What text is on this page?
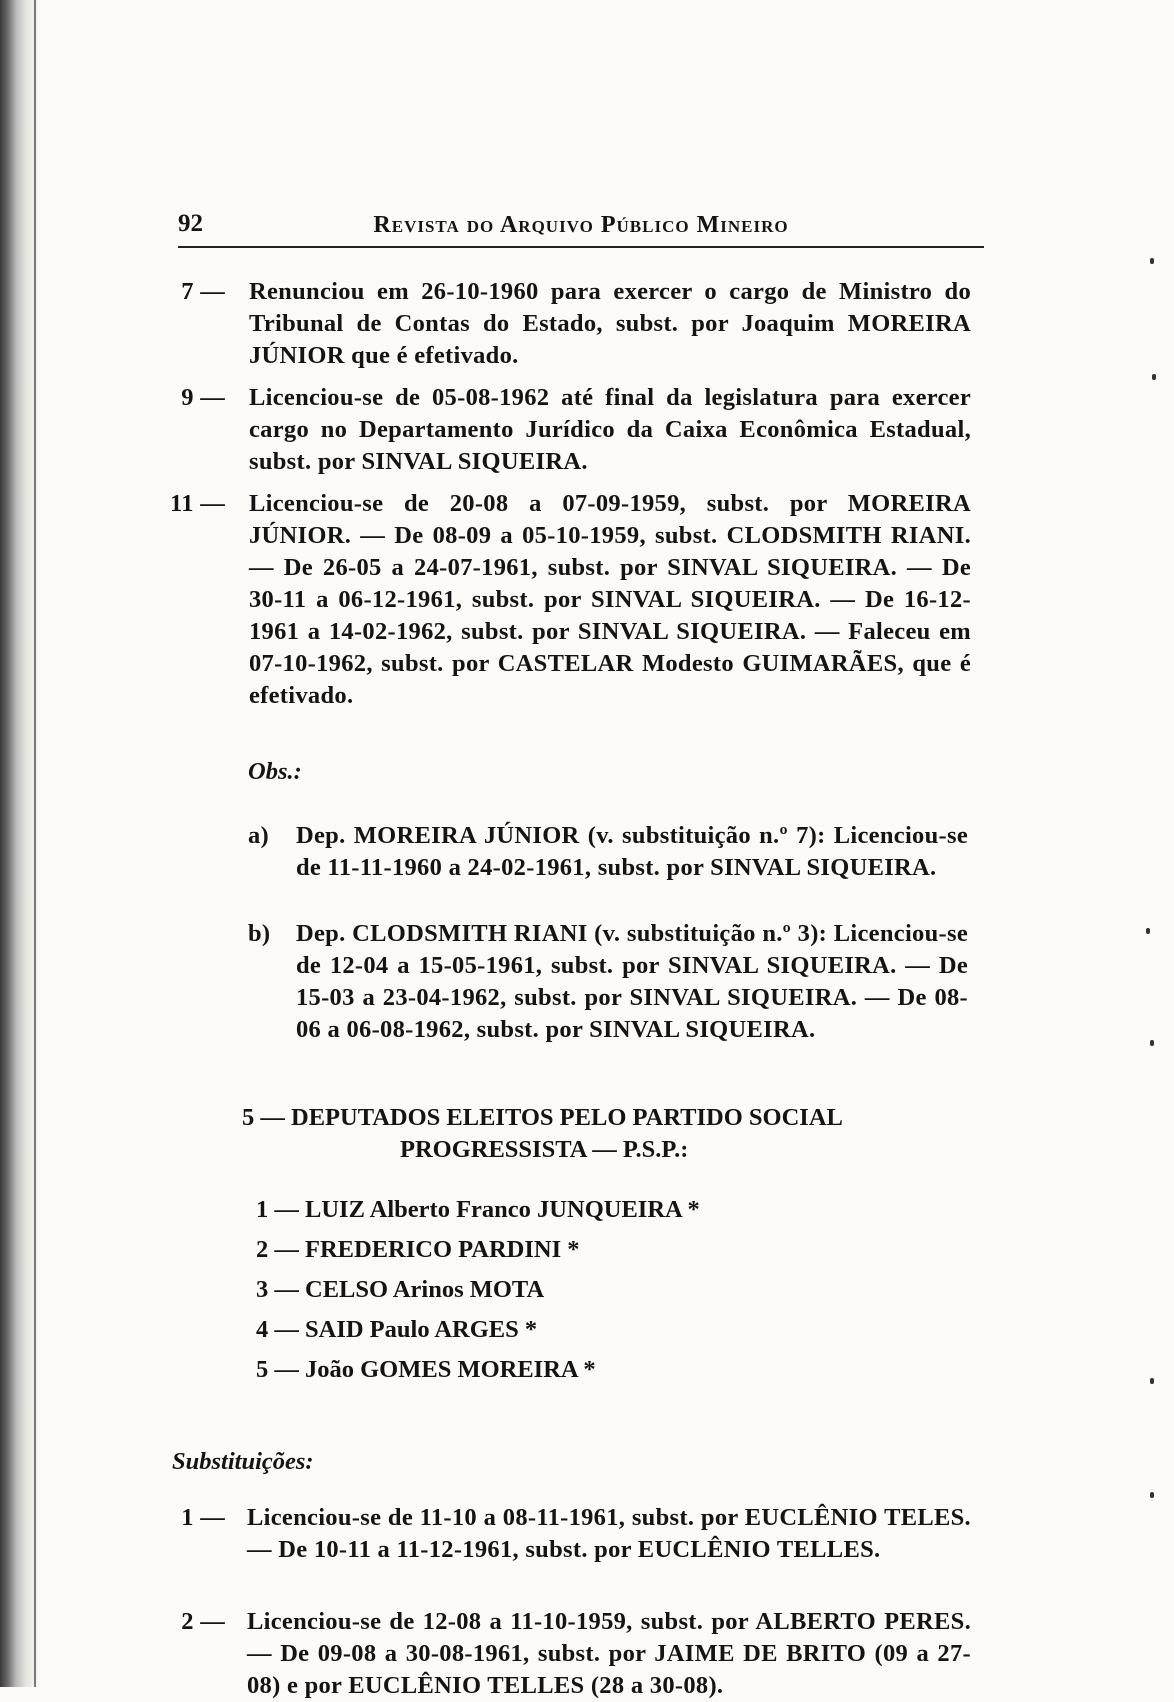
92	Revista do Arquivo Público Mineiro
7 — Renunciou em 26-10-1960 para exercer o cargo de Ministro do Tribunal de Contas do Estado, subst. por Joaquim MOREIRA JÚNIOR que é efetivado.
9 — Licenciou-se de 05-08-1962 até final da legislatura para exercer cargo no Departamento Jurídico da Caixa Econômica Estadual, subst. por SINVAL SIQUEIRA.
11 — Licenciou-se de 20-08 a 07-09-1959, subst. por MOREIRA JÚNIOR. — De 08-09 a 05-10-1959, subst. CLODSMITH RIANI. — De 26-05 a 24-07-1961, subst. por SINVAL SIQUEIRA. — De 30-11 a 06-12-1961, subst. por SINVAL SIQUEIRA. — De 16-12-1961 a 14-02-1962, subst. por SINVAL SIQUEIRA. — Faleceu em 07-10-1962, subst. por CASTELAR Modesto GUIMARÃES, que é efetivado.
Obs.:
a)	Dep. MOREIRA JÚNIOR (v. substituição n.º 7): Licenciou-se de 11-11-1960 a 24-02-1961, subst. por SINVAL SIQUEIRA.
b)	Dep. CLODSMITH RIANI (v. substituição n.º 3): Licenciou-se de 12-04 a 15-05-1961, subst. por SINVAL SIQUEIRA. — De 15-03 a 23-04-1962, subst. por SINVAL SIQUEIRA. — De 08-06 a 06-08-1962, subst. por SINVAL SIQUEIRA.
5 — DEPUTADOS ELEITOS PELO PARTIDO SOCIAL
PROGRESSISTA — P.S.P.:
1 — LUIZ Alberto Franco JUNQUEIRA *
2 — FREDERICO PARDINI *
3 — CELSO Arinos MOTA
4 — SAID Paulo ARGES *
5 — João GOMES MOREIRA *
Substituições:
1 — Licenciou-se de 11-10 a 08-11-1961, subst. por EUCLÊNIO TELES. — De 10-11 a 11-12-1961, subst. por EUCLÊNIO TELLES.
2 — Licenciou-se de 12-08 a 11-10-1959, subst. por ALBERTO PERES. — De 09-08 a 30-08-1961, subst. por JAIME DE BRITO (09 a 27-08) e por EUCLÊNIO TELLES (28 a 30-08).
